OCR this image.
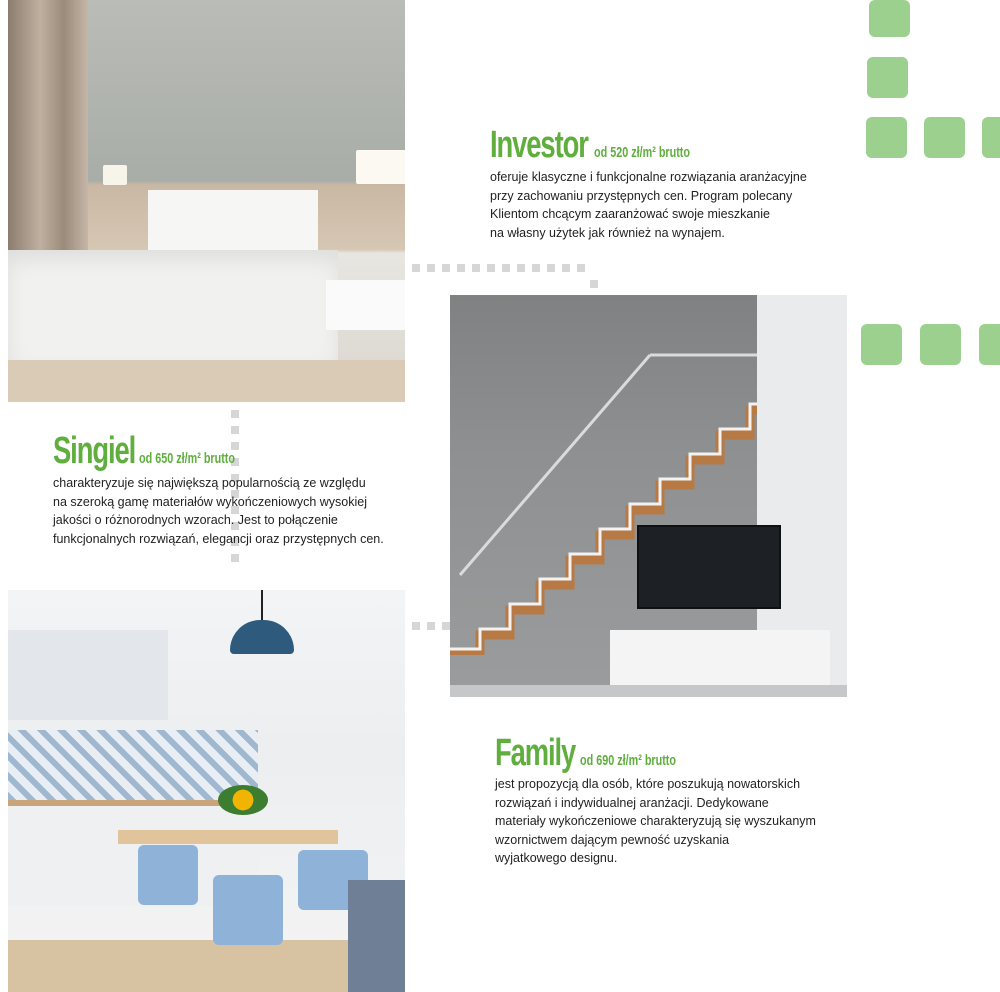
Investor od 520 zł/m² brutto
oferuje klasyczne i funkcjonalne rozwiązania aranżacyjne
przy zachowaniu przystępnych cen. Program polecany
Klientom chcącym zaaranżować swoje mieszkanie
na własny użytek jak również na wynajem.
Singiel od 650 zł/m² brutto
charakteryzuje się największą popularnością ze względu
na szeroką gamę materiałów wykończeniowych wysokiej
jakości o różnorodnych wzorach. Jest to połączenie
funkcjonalnych rozwiązań, elegancji oraz przystępnych cen.
Family od 690 zł/m² brutto
jest propozycją dla osób, które poszukują nowatorskich
rozwiązań i indywidualnej aranżacji. Dedykowane
materiały wykończeniowe charakteryzują się wyszukanym
wzornictwem dającym pewność uzyskania
wyjatkowego designu.
